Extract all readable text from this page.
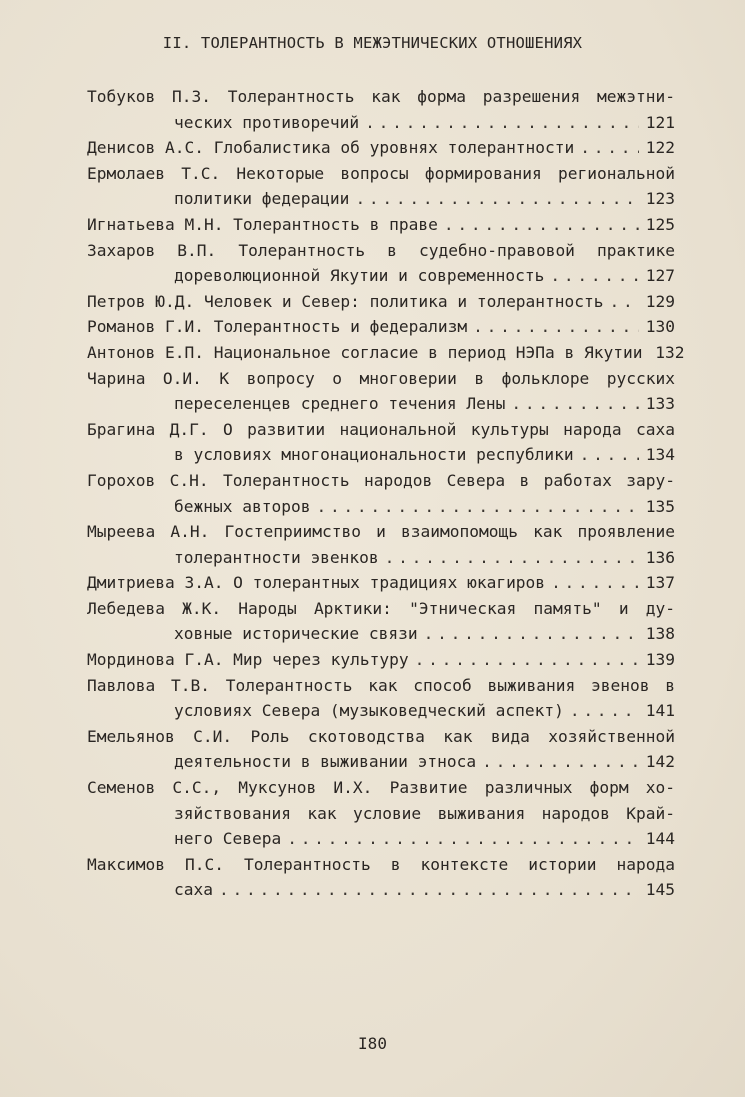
II. ТОЛЕРАНТНОСТЬ В МЕЖЭТНИЧЕСКИХ ОТНОШЕНИЯХ
Тобуков П.З. Толерантность как форма разрешения межэтни-
ческих противоречий . . .	121
Денисов А.С. Глобалистика об уровнях толерантности . . .	122
Ермолаев Т.С. Некоторые вопросы формирования региональной
политики федерации . . .	123
Игнатьева М.Н. Толерантность в праве . . .	125
Захаров В.П. Толерантность в судебно-правовой практике
дореволюционной Якутии и современность . . .	127
Петров Ю.Д. Человек и Север: политика и толерантность . . .	129
Романов Г.И. Толерантность и федерализм . . .	130
Антонов Е.П. Национальное согласие в период НЭПа в Якутии 132
Чарина О.И. К вопросу о многоверии в фольклоре русских
переселенцев среднего течения Лены . . .	133
Брагина Д.Г. О развитии национальной культуры народа саха
в условиях многонациональности республики . . .	134
Горохов С.Н. Толерантность народов Севера в работах зару-
бежных авторов . . .	135
Мыреева А.Н. Гостеприимство и взаимопомощь как проявление
толерантности эвенков . . .	136
Дмитриева З.А. О толерантных традициях юкагиров . . .	137
Лебедева Ж.К. Народы Арктики: "Этническая память" и ду-
ховные исторические связи . . .	138
Мординова Г.А. Мир через культуру . . .	139
Павлова Т.В. Толерантность как способ выживания эвенов в
условиях Севера (музыковедческий аспект) . . .	141
Емельянов С.И. Роль скотоводства как вида хозяйственной
деятельности в выживании этноса . . .	142
Семенов С.С., Муксунов И.Х. Развитие различных форм хо-
зяйствования как условие выживания народов Край-
него Севера . . .	144
Максимов П.С. Толерантность в контексте истории народа
саха . . .	145
I80
